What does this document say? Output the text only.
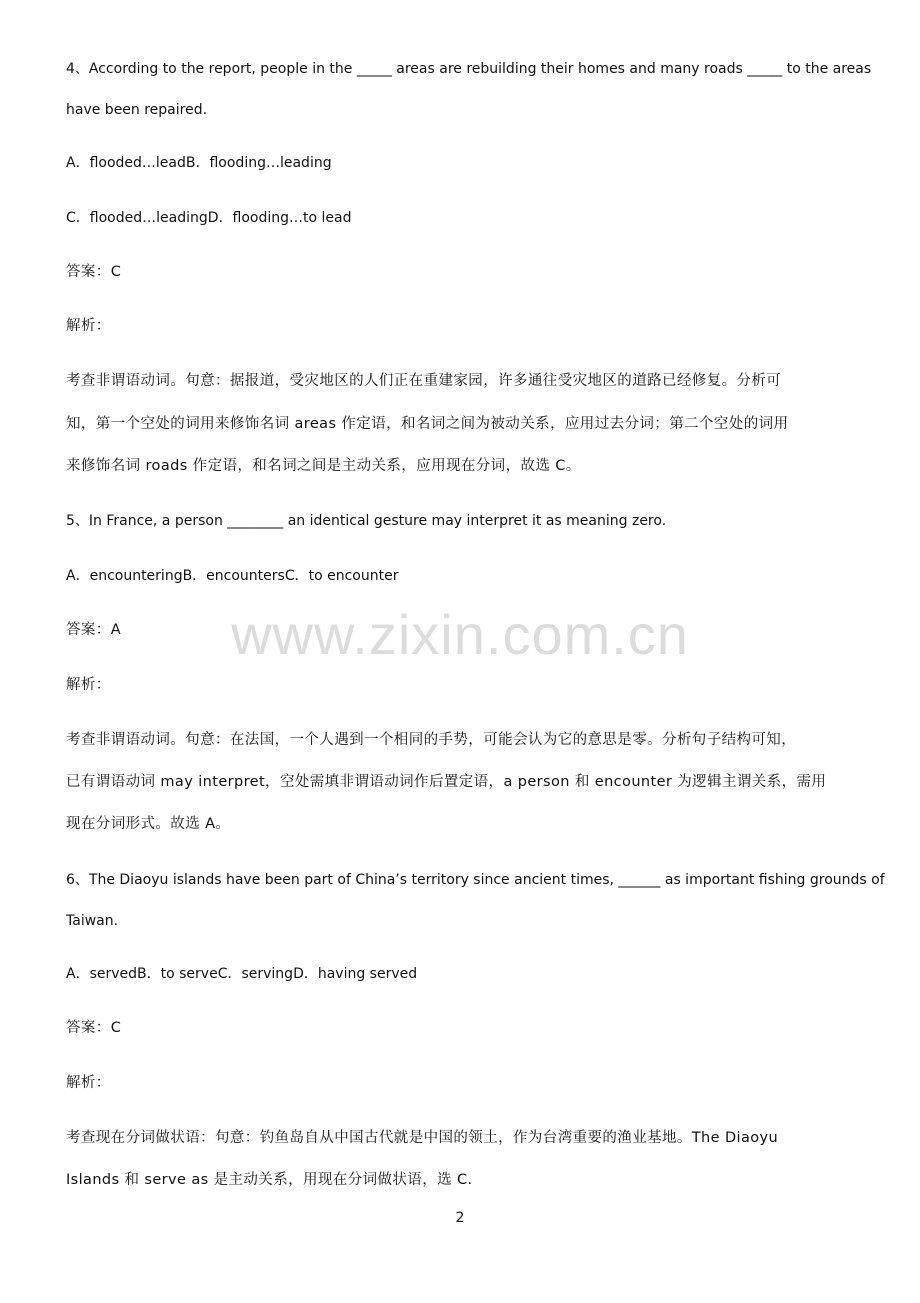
4、According to the report, people in the _____ areas are rebuilding their homes and many roads _____ to the areas

have been repaired.

A．flooded…leadB．flooding…leading

C．flooded…leadingD．flooding…to lead

答案：C

解析：

考查非谓语动词。句意：据报道，受灾地区的人们正在重建家园，许多通往受灾地区的道路已经修复。分析可

知，第一个空处的词用来修饰名词 areas 作定语，和名词之间为被动关系，应用过去分词；第二个空处的词用

来修饰名词 roads 作定语，和名词之间是主动关系，应用现在分词，故选 C。

5、In France, a person ________ an identical gesture may interpret it as meaning zero.

A．encounteringB．encountersC．to encounter

答案：A

解析：

考查非谓语动词。句意：在法国，一个人遇到一个相同的手势，可能会认为它的意思是零。分析句子结构可知，

已有谓语动词 may interpret，空处需填非谓语动词作后置定语，a person 和 encounter 为逻辑主谓关系，需用

现在分词形式。故选 A。

6、The Diaoyu islands have been part of China’s territory since ancient times, ______ as important fishing grounds of

Taiwan.

A．servedB．to serveC．servingD．having served

答案：C

解析：

考查现在分词做状语：句意：钓鱼岛自从中国古代就是中国的领土，作为台湾重要的渔业基地。The Diaoyu

Islands 和 serve as 是主动关系，用现在分词做状语，选 C.

www.zixin.com.cn
2
